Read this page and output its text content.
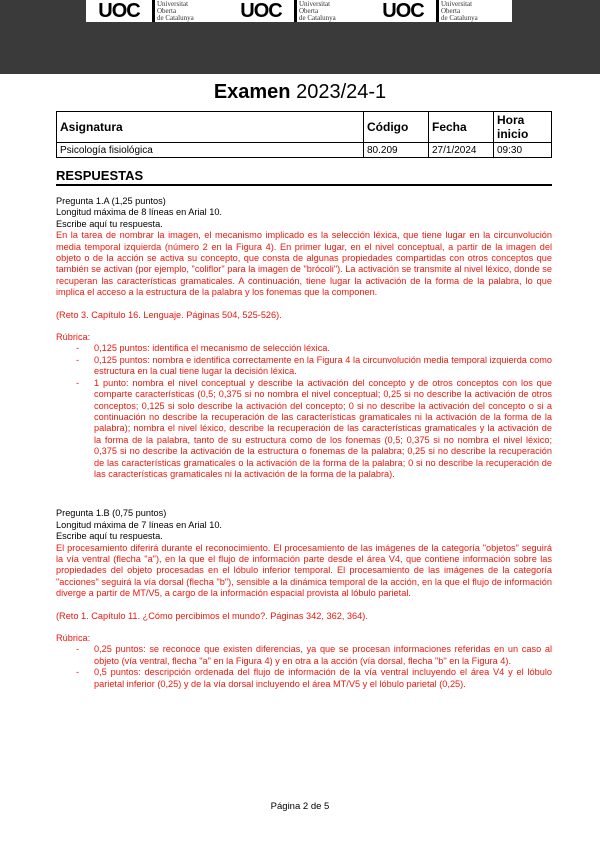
UOC	Universitat
Oberta
de Catalunya	UOC	Universitat
Oberta
de Catalunya	UOC	Universitat
Oberta
de Catalunya
Examen 2023/24-1
Asignatura	Código	Fecha	Hora inicio
Psicología fisiológica	80.209	27/1/2024	09:30
RESPUESTAS

Pregunta 1.A (1,25 puntos)

Longitud máxima de 8 líneas en Arial 10.

Escribe aquí tu respuesta.

En la tarea de nombrar la imagen, el mecanismo implicado es la selección léxica, que tiene lugar en la circunvolución media temporal izquierda (número 2 en la Figura 4). En primer lugar, en el nivel conceptual, a partir de la imagen del objeto o de la acción se activa su concepto, que consta de algunas propiedades compartidas con otros conceptos que también se activan (por ejemplo, "coliflor" para la imagen de "brócoli"). La activación se transmite al nivel léxico, donde se recuperan las características gramaticales. A continuación, tiene lugar la activación de la forma de la palabra, lo que implica el acceso a la estructura de la palabra y los fonemas que la componen.

(Reto 3. Capítulo 16. Lenguaje. Páginas 504, 525-526).

Rúbrica:

- 0,125 puntos: identifica el mecanismo de selección léxica.
- 0,125 puntos: nombra e identifica correctamente en la Figura 4 la circunvolución media temporal izquierda como estructura en la cual tiene lugar la decisión léxica.
- 1 punto: nombra el nivel conceptual y describe la activación del concepto y de otros conceptos con los que comparte características (0,5; 0,375 si no nombra el nivel conceptual; 0,25 si no describe la activación de otros conceptos; 0,125 si solo describe la activación del concepto; 0 si no describe la activación del concepto o si a continuación no describe la recuperación de las características gramaticales ni la activación de la forma de la palabra); nombra el nivel léxico, describe la recuperación de las características gramaticales y la activación de la forma de la palabra, tanto de su estructura como de los fonemas (0,5; 0,375 si no nombra el nivel léxico; 0,375 si no describe la activación de la estructura o fonemas de la palabra; 0,25 si no describe la recuperación de las características gramaticales o la activación de la forma de la palabra; 0 si no describe la recuperación de las características gramaticales ni la activación de la forma de la palabra).

Pregunta 1.B (0,75 puntos)

Longitud máxima de 7 líneas en Arial 10.

Escribe aquí tu respuesta.

El procesamiento diferirá durante el reconocimiento. El procesamiento de las imágenes de la categoría "objetos" seguirá la vía ventral (flecha "a"), en la que el flujo de información parte desde el área V4, que contiene información sobre las propiedades del objeto procesadas en el lóbulo inferior temporal. El procesamiento de las imágenes de la categoría "acciones" seguirá la vía dorsal (flecha "b"), sensible a la dinámica temporal de la acción, en la que el flujo de información diverge a partir de MT/V5, a cargo de la información espacial provista al lóbulo parietal.

(Reto 1. Capítulo 11. ¿Cómo percibimos el mundo?. Páginas 342, 362, 364).

Rúbrica:

- 0,25 puntos: se reconoce que existen diferencias, ya que se procesan informaciones referidas en un caso al objeto (vía ventral, flecha "a" en la Figura 4) y en otra a la acción (vía dorsal, flecha "b" en la Figura 4).
- 0,5 puntos: descripción ordenada del flujo de información de la vía ventral incluyendo el área V4 y el lóbulo parietal inferior (0,25) y de la vía dorsal incluyendo el área MT/V5 y el lóbulo parietal (0,25).
Página 2 de 5
